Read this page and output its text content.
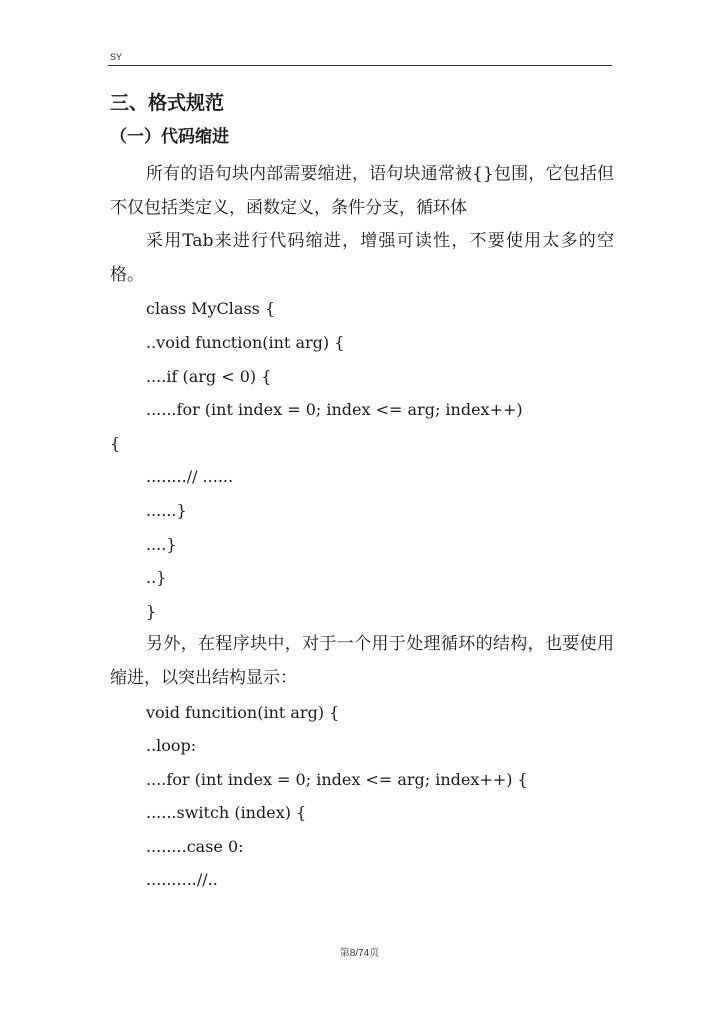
SY
三、格式规范
（一）代码缩进

所有的语句块内部需要缩进，语句块通常被{}包围，它包括但不仅包括类定义，函数定义，条件分支，循环体

采用Tab来进行代码缩进，增强可读性，不要使用太多的空格。

class MyClass {
..void function(int arg) {
....if (arg < 0) {
......for (int index = 0; index <= arg; index++)
{
........// ......
......}
....}
..}
}

另外，在程序块中，对于一个用于处理循环的结构，也要使用缩进，以突出结构显示：

void funcition(int arg) {
..loop:
....for (int index = 0; index <= arg; index++) {
......switch (index) {
........case 0:
..........//..
第8/74页
